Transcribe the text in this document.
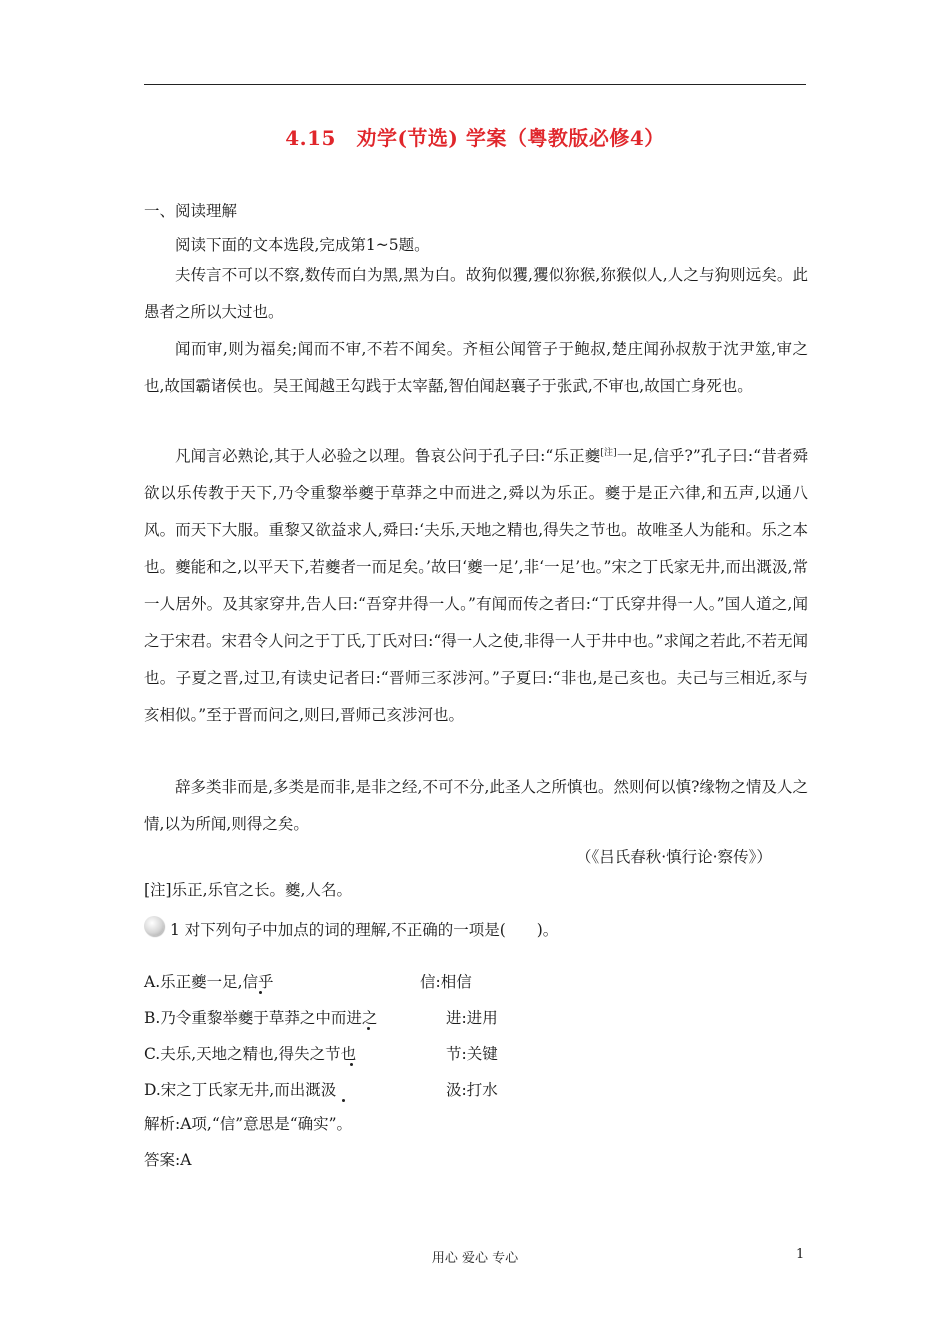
4.15　劝学(节选) 学案（粤教版必修4）
一、阅读理解
阅读下面的文本选段,完成第1~5题。
夫传言不可以不察,数传而白为黑,黑为白。故狗似玃,玃似狝猴,狝猴似人,人之与狗则远矣。此愚者之所以大过也。
闻而审,则为福矣;闻而不审,不若不闻矣。齐桓公闻管子于鲍叔,楚庄闻孙叔敖于沈尹筮,审之也,故国霸诸侯也。吴王闻越王勾践于太宰嚭,智伯闻赵襄子于张武,不审也,故国亡身死也。
凡闻言必熟论,其于人必验之以理。鲁哀公问于孔子曰:“乐正夔[注]一足,信乎?”孔子曰:“昔者舜欲以乐传教于天下,乃令重黎举夔于草莽之中而进之,舜以为乐正。夔于是正六律,和五声,以通八风。而天下大服。重黎又欲益求人,舜曰:‘夫乐,天地之精也,得失之节也。故唯圣人为能和。乐之本也。夔能和之,以平天下,若夔者一而足矣。’故曰‘夔一足’,非‘一足’也。”宋之丁氏家无井,而出溉汲,常一人居外。及其家穿井,告人曰:“吾穿井得一人。”有闻而传之者曰:“丁氏穿井得一人。”国人道之,闻之于宋君。宋君令人问之于丁氏,丁氏对曰:“得一人之使,非得一人于井中也。”求闻之若此,不若无闻也。子夏之晋,过卫,有读史记者曰:“晋师三豕涉河。”子夏曰:“非也,是己亥也。夫己与三相近,豕与亥相似。”至于晋而问之,则曰,晋师己亥涉河也。
辞多类非而是,多类是而非,是非之经,不可不分,此圣人之所慎也。然则何以慎?缘物之情及人之情,以为所闻,则得之矣。
（《吕氏春秋·慎行论·察传》）
[注]乐正,乐官之长。夔,人名。
1 对下列句子中加点的词的理解,不正确的一项是(　　)。
A.乐正夔一足,信乎	信:相信
B.乃令重黎举夔于草莽之中而进之	进:进用
C.夫乐,天地之精也,得失之节也	节:关键
D.宋之丁氏家无井,而出溉汲	汲:打水
解析:A项,“信”意思是“确实”。
答案:A
用心 爱心 专心	1
